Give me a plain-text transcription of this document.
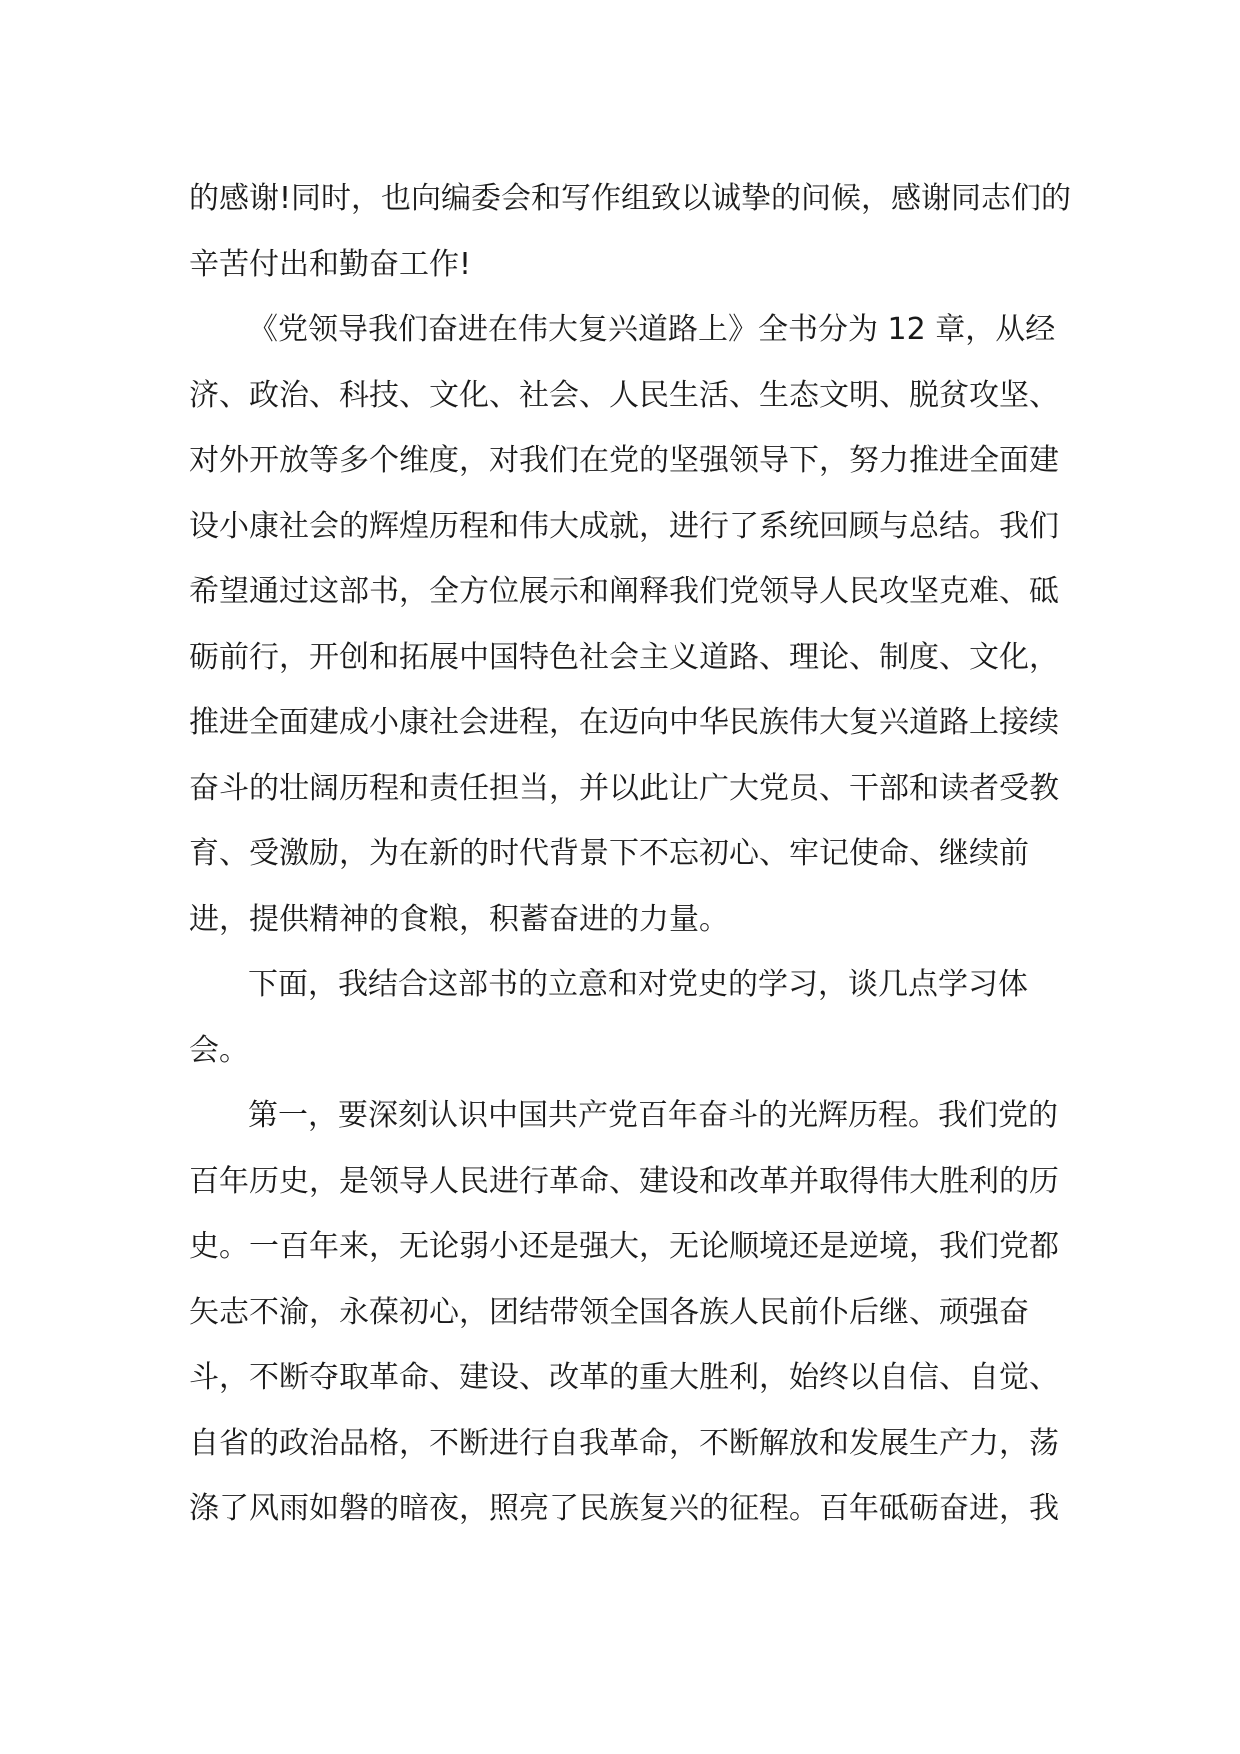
的感谢!同时，也向编委会和写作组致以诚挚的问候，感谢同志们的
辛苦付出和勤奋工作!
《党领导我们奋进在伟大复兴道路上》全书分为 12 章，从经
济、政治、科技、文化、社会、人民生活、生态文明、脱贫攻坚、
对外开放等多个维度，对我们在党的坚强领导下，努力推进全面建
设小康社会的辉煌历程和伟大成就，进行了系统回顾与总结。我们
希望通过这部书，全方位展示和阐释我们党领导人民攻坚克难、砥
砺前行，开创和拓展中国特色社会主义道路、理论、制度、文化，
推进全面建成小康社会进程，在迈向中华民族伟大复兴道路上接续
奋斗的壮阔历程和责任担当，并以此让广大党员、干部和读者受教
育、受激励，为在新的时代背景下不忘初心、牢记使命、继续前
进，提供精神的食粮，积蓄奋进的力量。
下面，我结合这部书的立意和对党史的学习，谈几点学习体
会。
第一，要深刻认识中国共产党百年奋斗的光辉历程。我们党的
百年历史，是领导人民进行革命、建设和改革并取得伟大胜利的历
史。一百年来，无论弱小还是强大，无论顺境还是逆境，我们党都
矢志不渝，永葆初心，团结带领全国各族人民前仆后继、顽强奋
斗，不断夺取革命、建设、改革的重大胜利，始终以自信、自觉、
自省的政治品格，不断进行自我革命，不断解放和发展生产力，荡
涤了风雨如磐的暗夜，照亮了民族复兴的征程。百年砥砺奋进，我
